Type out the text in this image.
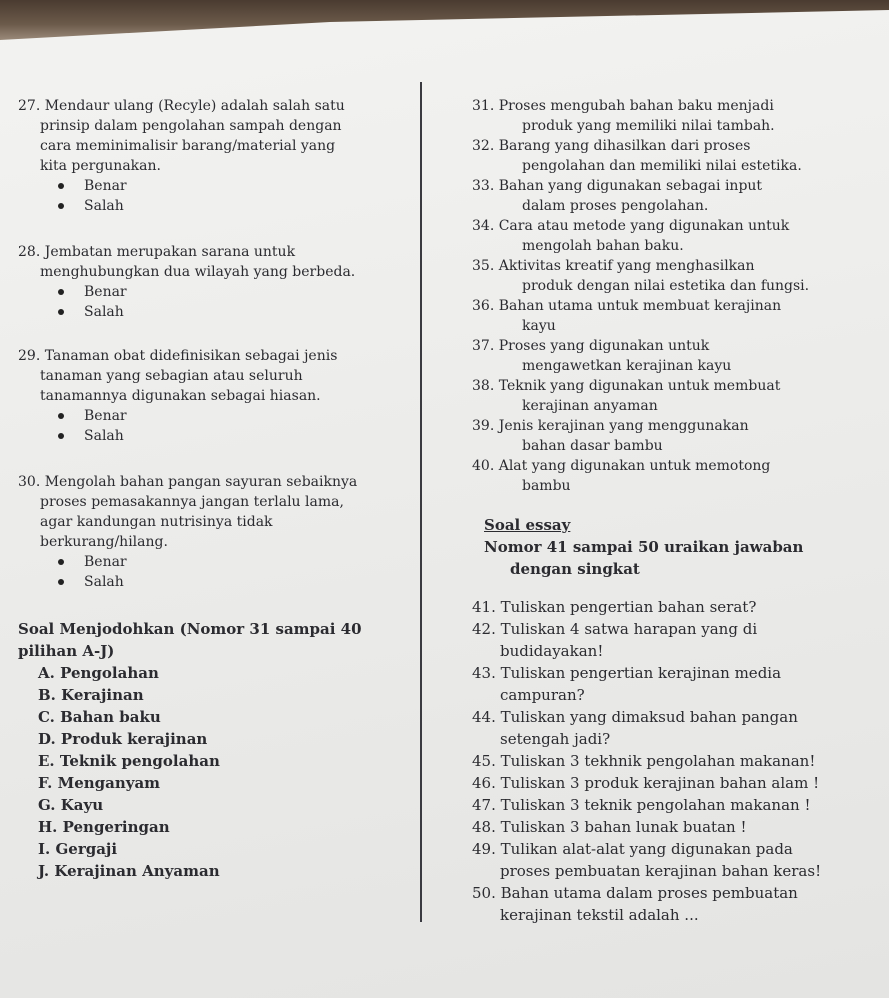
27. Mendaur ulang (Recyle) adalah salah satu

prinsip dalam pengolahan sampah dengan

cara meminimalisir barang/material yang

kita pergunakan.

Benar
Salah

28. Jembatan merupakan sarana untuk

menghubungkan dua wilayah yang berbeda.

Benar
Salah

29. Tanaman obat didefinisikan sebagai jenis

tanaman yang sebagian atau seluruh

tanamannya digunakan sebagai hiasan.

Benar
Salah

30. Mengolah bahan pangan sayuran sebaiknya

proses pemasakannya jangan terlalu lama,

agar kandungan nutrisinya tidak

berkurang/hilang.

Benar
Salah

Soal Menjodohkan (Nomor 31 sampai 40

pilihan A-J)

A. Pengolahan

B. Kerajinan

C. Bahan baku

D. Produk kerajinan

E. Teknik pengolahan

F. Menganyam

G. Kayu

H. Pengeringan

I. Gergaji

J. Kerajinan Anyaman

31. Proses mengubah bahan baku menjadi

produk yang memiliki nilai tambah.

32. Barang yang dihasilkan dari proses

pengolahan dan memiliki nilai estetika.

33. Bahan yang digunakan sebagai input

dalam proses pengolahan.

34. Cara atau metode yang digunakan untuk

mengolah bahan baku.

35. Aktivitas kreatif yang menghasilkan

produk dengan nilai estetika dan fungsi.

36. Bahan utama untuk membuat kerajinan

kayu

37. Proses yang digunakan untuk

mengawetkan kerajinan kayu

38. Teknik yang digunakan untuk membuat

kerajinan anyaman

39. Jenis kerajinan yang menggunakan

bahan dasar bambu

40. Alat yang digunakan untuk memotong

bambu

Soal essay

Nomor 41 sampai 50 uraikan jawaban

dengan singkat

41. Tuliskan pengertian bahan serat?

42. Tuliskan 4 satwa harapan yang di

budidayakan!

43. Tuliskan pengertian kerajinan media

campuran?

44. Tuliskan yang dimaksud bahan pangan

setengah jadi?

45. Tuliskan 3 tekhnik pengolahan makanan!

46. Tuliskan 3 produk kerajinan bahan alam !

47. Tuliskan 3 teknik pengolahan makanan !

48. Tuliskan 3 bahan lunak buatan !

49. Tulikan alat-alat yang digunakan pada

proses pembuatan kerajinan bahan keras!

50. Bahan utama dalam proses pembuatan

kerajinan tekstil adalah ...
